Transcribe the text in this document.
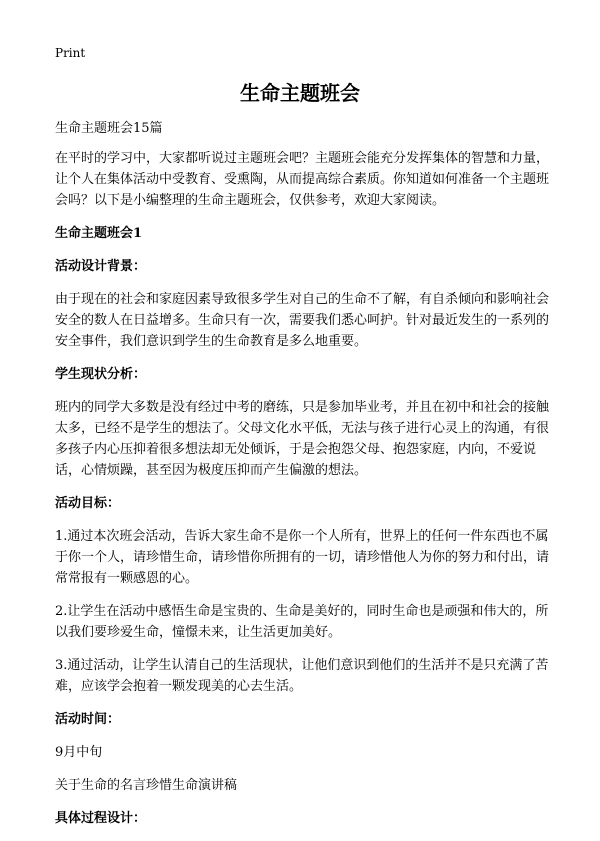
Print
生命主题班会

生命主题班会15篇

在平时的学习中，大家都听说过主题班会吧？主题班会能充分发挥集体的智慧和力量，让个人在集体活动中受教育、受熏陶，从而提高综合素质。你知道如何准备一个主题班会吗？以下是小编整理的生命主题班会，仅供参考，欢迎大家阅读。

生命主题班会1

活动设计背景：

由于现在的社会和家庭因素导致很多学生对自己的生命不了解，有自杀倾向和影响社会安全的数人在日益增多。生命只有一次，需要我们悉心呵护。针对最近发生的一系列的安全事件，我们意识到学生的生命教育是多么地重要。

学生现状分析：

班内的同学大多数是没有经过中考的磨练，只是参加毕业考，并且在初中和社会的接触太多，已经不是学生的想法了。父母文化水平低，无法与孩子进行心灵上的沟通，有很多孩子内心压抑着很多想法却无处倾诉，于是会抱怨父母、抱怨家庭，内向，不爱说话，心情烦躁，甚至因为极度压抑而产生偏激的想法。

活动目标：

1.通过本次班会活动，告诉大家生命不是你一个人所有，世界上的任何一件东西也不属于你一个人，请珍惜生命，请珍惜你所拥有的一切，请珍惜他人为你的努力和付出，请常常报有一颗感恩的心。

2.让学生在活动中感悟生命是宝贵的、生命是美好的，同时生命也是顽强和伟大的，所以我们要珍爱生命，憧憬未来，让生活更加美好。

3.通过活动，让学生认清自己的生活现状，让他们意识到他们的生活并不是只充满了苦难，应该学会抱着一颗发现美的心去生活。

活动时间：

9月中旬

关于生命的名言珍惜生命演讲稿

具体过程设计：
